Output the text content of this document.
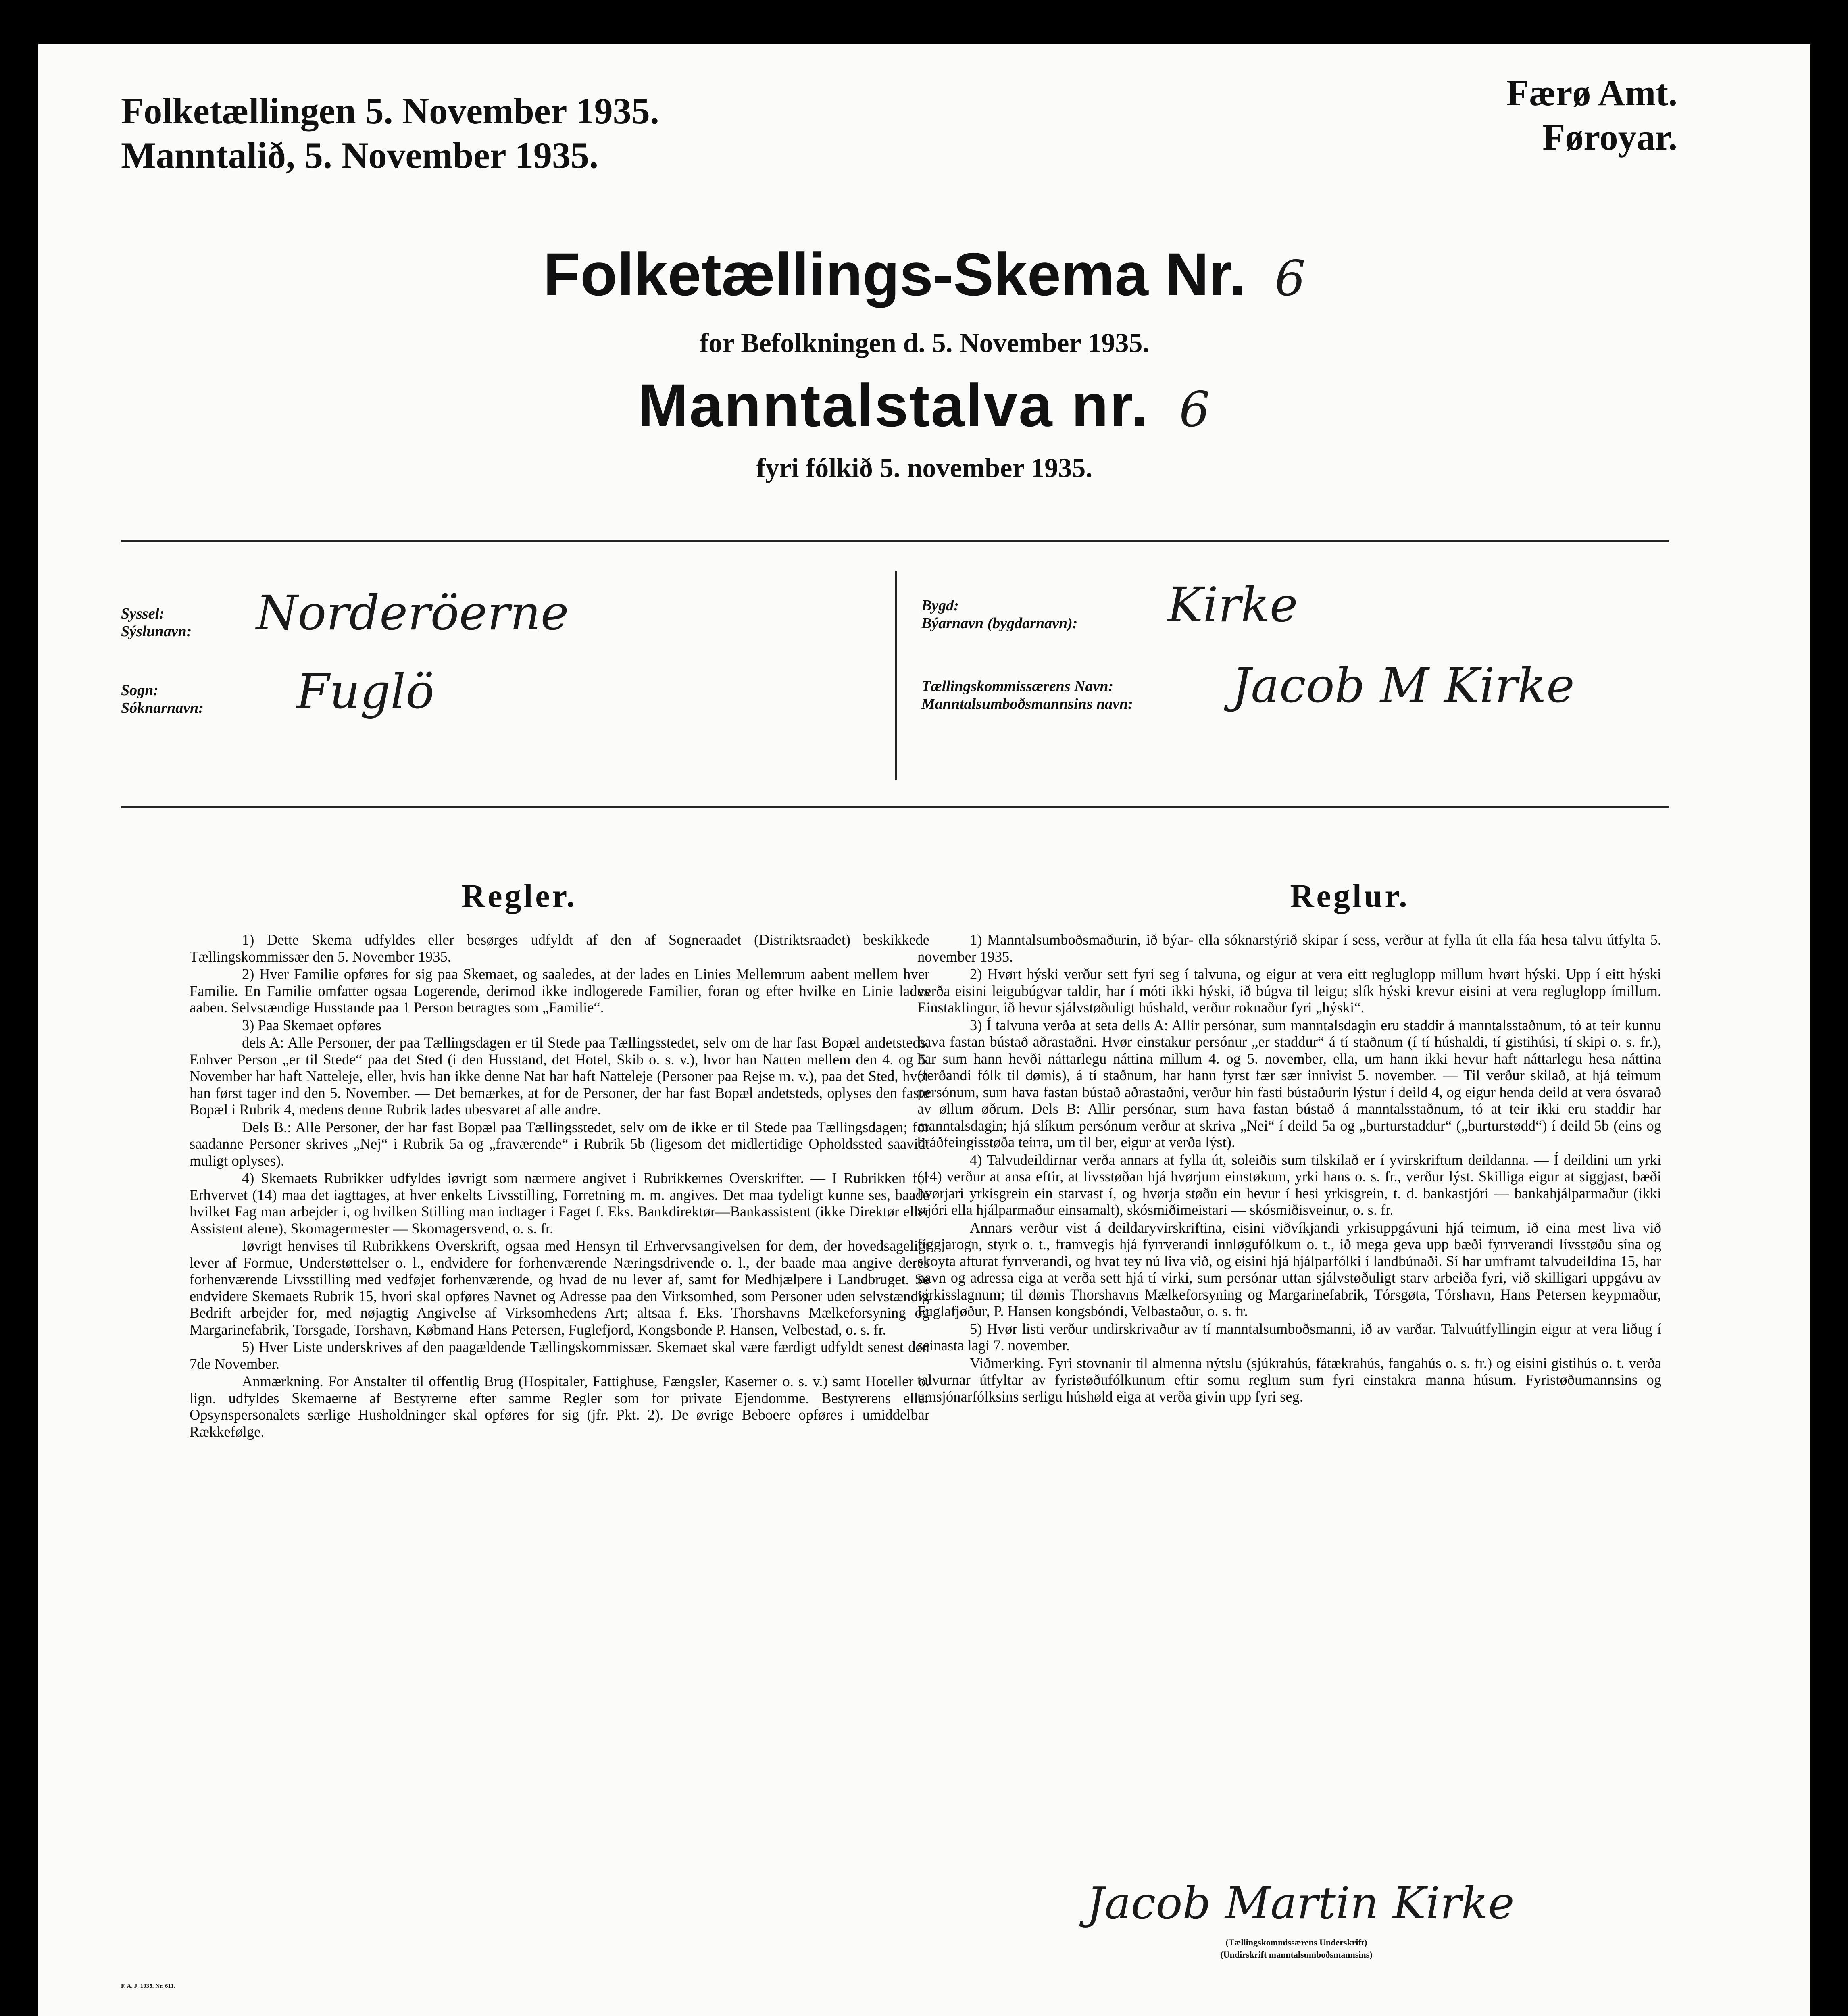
Folketællingen 5. November 1935.
Manntalið, 5. November 1935.
Færø Amt.
Føroyar.
Folketællings-Skema Nr. 6
for Befolkningen d. 5. November 1935.
Manntalstalva nr. 6
fyri fólkið 5. november 1935.
Syssel:
Sýslunavn:	Norderöerne
Sogn:
Sóknarnavn:	Fuglö
Bygd:
Býarnavn (bygdarnavn):	Kirke
Tællingskommissærens Navn:
Manntalsumboðsmannsins navn:	Jacob M Kirke
Regler.

1) Dette Skema udfyldes eller besørges udfyldt af den af Sogneraadet (Distriktsraadet) beskikkede Tællingskommissær den 5. November 1935.

2) Hver Familie opføres for sig paa Skemaet, og saaledes, at der lades en Linies Mellemrum aabent mellem hver Familie. En Familie omfatter ogsaa Logerende, derimod ikke indlogerede Familier, foran og efter hvilke en Linie lades aaben. Selvstændige Husstande paa 1 Person betragtes som „Familie“.

3) Paa Skemaet opføres

dels A: Alle Personer, der paa Tællingsdagen er til Stede paa Tællingsstedet, selv om de har fast Bopæl andetsteds. Enhver Person „er til Stede“ paa det Sted (i den Husstand, det Hotel, Skib o. s. v.), hvor han Natten mellem den 4. og 5. November har haft Natteleje, eller, hvis han ikke denne Nat har haft Natteleje (Personer paa Rejse m. v.), paa det Sted, hvor han først tager ind den 5. November. — Det bemærkes, at for de Personer, der har fast Bopæl andetsteds, oplyses den faste Bopæl i Rubrik 4, medens denne Rubrik lades ubesvaret af alle andre.

Dels B.: Alle Personer, der har fast Bopæl paa Tællingsstedet, selv om de ikke er til Stede paa Tællingsdagen; for saadanne Personer skrives „Nej“ i Rubrik 5a og „fraværende“ i Rubrik 5b (ligesom det midlertidige Opholdssted saavidt muligt oplyses).

4) Skemaets Rubrikker udfyldes iøvrigt som nærmere angivet i Rubrikkernes Overskrifter. — I Rubrikken for Erhvervet (14) maa det iagttages, at hver enkelts Livsstilling, Forretning m. m. angives. Det maa tydeligt kunne ses, baade hvilket Fag man arbejder i, og hvilken Stilling man indtager i Faget f. Eks. Bankdirektør—Bankassistent (ikke Direktør eller Assistent alene), Skomagermester — Skomagersvend, o. s. fr.

Iøvrigt henvises til Rubrikkens Overskrift, ogsaa med Hensyn til Erhvervsangivelsen for dem, der hovedsageligt lever af Formue, Understøttelser o. l., endvidere for forhenværende Næringsdrivende o. l., der baade maa angive deres forhenværende Livsstilling med vedføjet forhenværende, og hvad de nu lever af, samt for Medhjælpere i Landbruget. Se endvidere Skemaets Rubrik 15, hvori skal opføres Navnet og Adresse paa den Virksomhed, som Personer uden selvstændig Bedrift arbejder for, med nøjagtig Angivelse af Virksomhedens Art; altsaa f. Eks. Thorshavns Mælkeforsyning og Margarinefabrik, Torsgade, Torshavn, Købmand Hans Petersen, Fuglefjord, Kongsbonde P. Hansen, Velbestad, o. s. fr.

5) Hver Liste underskrives af den paagældende Tællingskommissær. Skemaet skal være færdigt udfyldt senest den 7de November.

Anmærkning. For Anstalter til offentlig Brug (Hospitaler, Fattighuse, Fængsler, Kaserner o. s. v.) samt Hoteller o. lign. udfyldes Skemaerne af Bestyrerne efter samme Regler som for private Ejendomme. Bestyrerens eller Opsynspersonalets særlige Husholdninger skal opføres for sig (jfr. Pkt. 2). De øvrige Beboere opføres i umiddelbar Rækkefølge.

Reglur.

1) Manntalsumboðsmaðurin, ið býar- ella sóknarstýrið skipar í sess, verður at fylla út ella fáa hesa talvu útfylta 5. november 1935.

2) Hvørt hýski verður sett fyri seg í talvuna, og eigur at vera eitt regluglopp millum hvørt hýski. Upp í eitt hýski verða eisini leigubúgvar taldir, har í móti ikki hýski, ið búgva til leigu; slík hýski krevur eisini at vera regluglopp ímillum. Einstaklingur, ið hevur sjálvstøðuligt húshald, verður roknaður fyri „hýski“.

3) Í talvuna verða at seta dells A: Allir persónar, sum manntalsdagin eru staddir á manntalsstaðnum, tó at teir kunnu hava fastan bústað aðrastaðni. Hvør einstakur persónur „er staddur“ á tí staðnum (í tí húshaldi, tí gistihúsi, tí skipi o. s. fr.), har sum hann hevði náttarlegu náttina millum 4. og 5. november, ella, um hann ikki hevur haft náttarlegu hesa náttina (ferðandi fólk til dømis), á tí staðnum, har hann fyrst fær sær innivist 5. november. — Til verður skilað, at hjá teimum persónum, sum hava fastan bústað aðrastaðni, verður hin fasti bústaðurin lýstur í deild 4, og eigur henda deild at vera ósvarað av øllum øðrum. Dels B: Allir persónar, sum hava fastan bústað á manntalsstaðnum, tó at teir ikki eru staddir har manntalsdagin; hjá slíkum persónum verður at skriva „Nei“ í deild 5a og „burturstaddur“ („burturstødd“) í deild 5b (eins og bráðfeingisstøða teirra, um til ber, eigur at verða lýst).

4) Talvudeildirnar verða annars at fylla út, soleiðis sum tilskilað er í yvirskriftum deildanna. — Í deildini um yrki (14) verður at ansa eftir, at livsstøðan hjá hvørjum einstøkum, yrki hans o. s. fr., verður lýst. Skilliga eigur at siggjast, bæði hvørjari yrkisgrein ein starvast í, og hvørja støðu ein hevur í hesi yrkisgrein, t. d. bankastjóri — bankahjálparmaður (ikki stjóri ella hjálparmaður einsamalt), skósmiðimeistari — skósmiðisveinur, o. s. fr.

Annars verður vist á deildaryvirskriftina, eisini viðvíkjandi yrkisuppgávuni hjá teimum, ið eina mest liva við fíggjarogn, styrk o. t., framvegis hjá fyrrverandi innløgufólkum o. t., ið mega geva upp bæði fyrrverandi lívsstøðu sína og skoyta afturat fyrrverandi, og hvat tey nú liva við, og eisini hjá hjálparfólki í landbúnaði. Sí har umframt talvudeildina 15, har navn og adressa eiga at verða sett hjá tí virki, sum persónar uttan sjálvstøðuligt starv arbeiða fyri, við skilligari uppgávu av virkisslagnum; til dømis Thorshavns Mælkeforsyning og Margarinefabrik, Tórsgøta, Tórshavn, Hans Petersen keypmaður, Fuglafjøður, P. Hansen kongsbóndi, Velbastaður, o. s. fr.

5) Hvør listi verður undirskrivaður av tí manntalsumboðsmanni, ið av varðar. Talvuútfyllingin eigur at vera liðug í seinasta lagi 7. november.

Viðmerking. Fyri stovnanir til almenna nýtslu (sjúkrahús, fátækrahús, fangahús o. s. fr.) og eisini gistihús o. t. verða talvurnar útfyltar av fyristøðufólkunum eftir somu reglum sum fyri einstakra manna húsum. Fyristøðumannsins og umsjónarfólksins serligu húshøld eiga at verða givin upp fyri seg.

Jacob Martin Kirke
(Tællingskommissærens Underskrift)
(Undirskrift manntalsumboðsmannsins)
F. A. J. 1935. Nr. 611.
